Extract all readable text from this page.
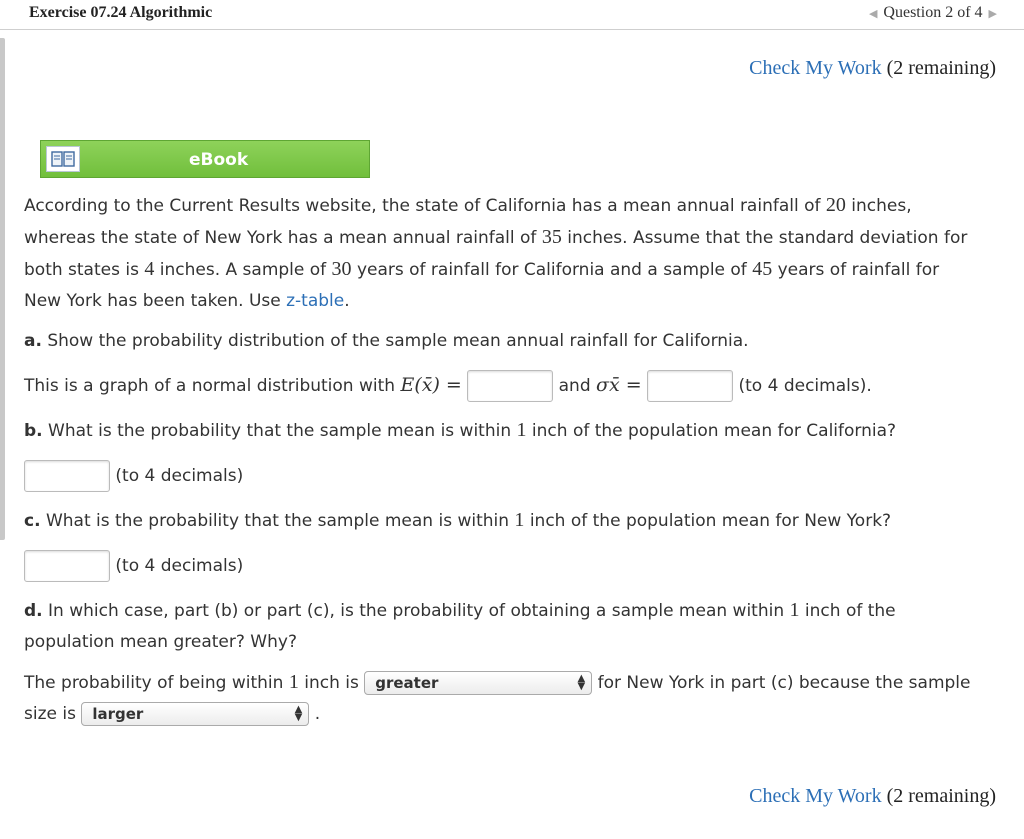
Exercise 07.24 Algorithmic	◀ Question 2 of 4 ▶
Check My Work (2 remaining)
eBook

According to the Current Results website, the state of California has a mean annual rainfall of 20 inches,
whereas the state of New York has a mean annual rainfall of 35 inches. Assume that the standard deviation for
both states is 4 inches. A sample of 30 years of rainfall for California and a sample of 45 years of rainfall for
New York has been taken. Use z-table.

a. Show the probability distribution of the sample mean annual rainfall for California.

This is a graph of a normal distribution with E(x̄) =	and σx̄ =	(to 4 decimals).

b. What is the probability that the sample mean is within 1 inch of the population mean for California?

(to 4 decimals)

c. What is the probability that the sample mean is within 1 inch of the population mean for New York?

(to 4 decimals)

d. In which case, part (b) or part (c), is the probability of obtaining a sample mean within 1 inch of the
population mean greater? Why?

The probability of being within 1 inch is greater	▲
▼ for New York in part (c) because the sample
size is larger	▲
▼ .

Check My Work (2 remaining)
